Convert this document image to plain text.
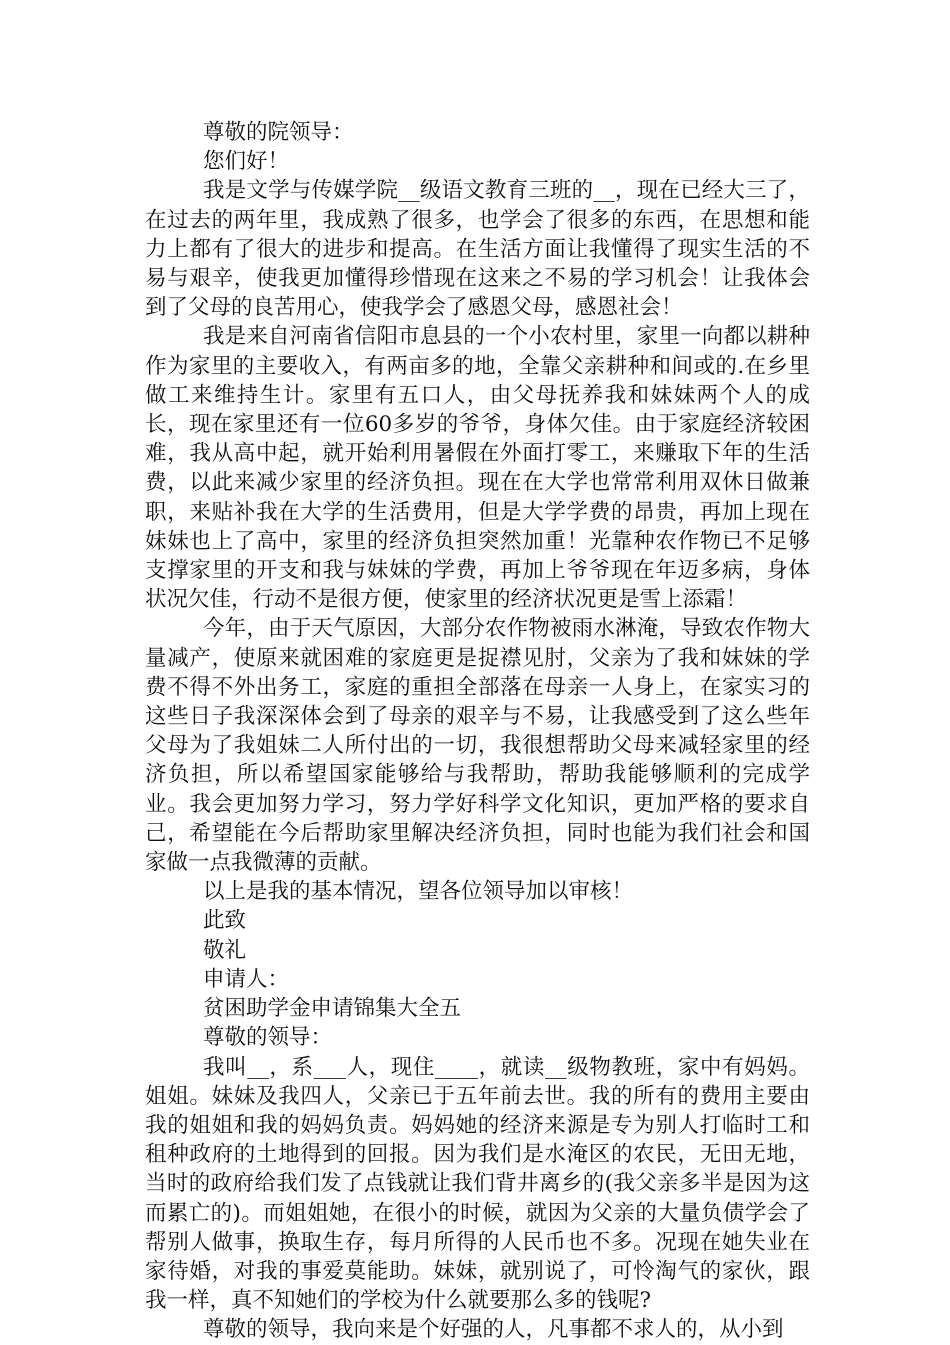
尊敬的院领导：

您们好！

我是文学与传媒学院__级语文教育三班的__，现在已经大三了，在过去的两年里，我成熟了很多，也学会了很多的东西，在思想和能力上都有了很大的进步和提高。在生活方面让我懂得了现实生活的不易与艰辛，使我更加懂得珍惜现在这来之不易的学习机会！让我体会到了父母的良苦用心，使我学会了感恩父母，感恩社会！

我是来自河南省信阳市息县的一个小农村里，家里一向都以耕种作为家里的主要收入，有两亩多的地，全靠父亲耕种和间或的.在乡里做工来维持生计。家里有五口人，由父母抚养我和妹妹两个人的成长，现在家里还有一位60多岁的爷爷，身体欠佳。由于家庭经济较困难，我从高中起，就开始利用暑假在外面打零工，来赚取下年的生活费，以此来减少家里的经济负担。现在在大学也常常利用双休日做兼职，来贴补我在大学的生活费用，但是大学学费的昂贵，再加上现在妹妹也上了高中，家里的经济负担突然加重！光靠种农作物已不足够支撑家里的开支和我与妹妹的学费，再加上爷爷现在年迈多病，身体状况欠佳，行动不是很方便，使家里的经济状况更是雪上添霜！

今年，由于天气原因，大部分农作物被雨水淋淹，导致农作物大量减产，使原来就困难的家庭更是捉襟见肘，父亲为了我和妹妹的学费不得不外出务工，家庭的重担全部落在母亲一人身上，在家实习的这些日子我深深体会到了母亲的艰辛与不易，让我感受到了这么些年父母为了我姐妹二人所付出的一切，我很想帮助父母来减轻家里的经济负担，所以希望国家能够给与我帮助，帮助我能够顺利的完成学业。我会更加努力学习，努力学好科学文化知识，更加严格的要求自己，希望能在今后帮助家里解决经济负担，同时也能为我们社会和国家做一点我微薄的贡献。

以上是我的基本情况，望各位领导加以审核！

此致

敬礼

申请人：

贫困助学金申请锦集大全五

尊敬的领导：

我叫__，系___人，现住____，就读__级物教班，家中有妈妈。姐姐。妹妹及我四人，父亲已于五年前去世。我的所有的费用主要由我的姐姐和我的妈妈负责。妈妈她的经济来源是专为别人打临时工和租种政府的土地得到的回报。因为我们是水淹区的农民，无田无地，当时的政府给我们发了点钱就让我们背井离乡的(我父亲多半是因为这而累亡的)。而姐姐她，在很小的时候，就因为父亲的大量负债学会了帮别人做事，换取生存，每月所得的人民币也不多。况现在她失业在家待婚，对我的事爱莫能助。妹妹，就别说了，可怜淘气的家伙，跟我一样，真不知她们的学校为什么就要那么多的钱呢?

尊敬的领导，我向来是个好强的人，凡事都不求人的，从小到
